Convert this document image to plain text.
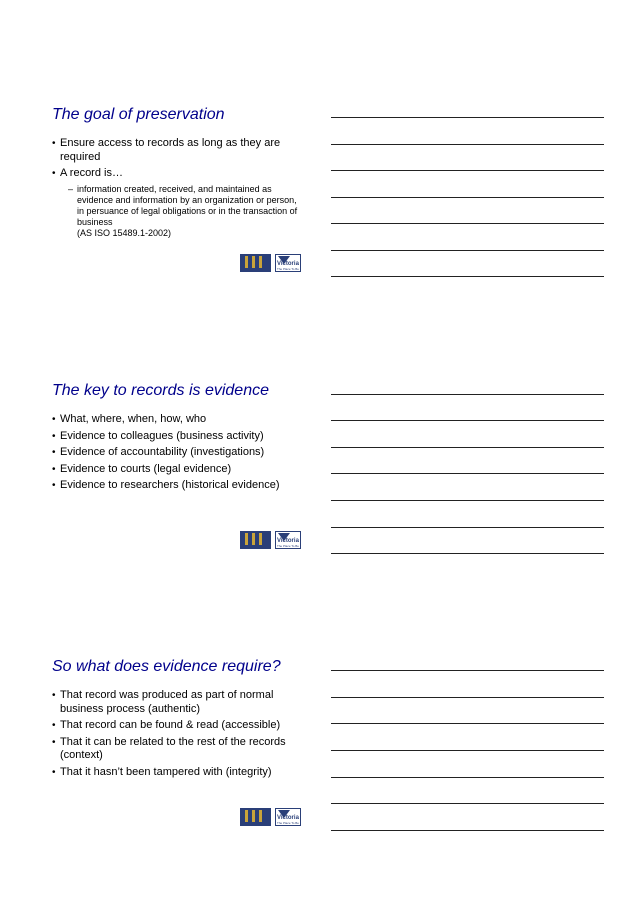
The goal of preservation
• Ensure access to records as long as they are required
• A record is…
– information created, received, and maintained as evidence and information by an organization or person, in persuance of legal obligations or in the transaction of business
(AS ISO 15489.1-2002)
Victoria
The Place To Be
The key to records is evidence
• What, where, when, how, who
• Evidence to colleagues (business activity)
• Evidence of accountability (investigations)
• Evidence to courts (legal evidence)
• Evidence to researchers (historical evidence)
Victoria
The Place To Be
So what does evidence require?
• That record was produced as part of normal business process (authentic)
• That record can be found & read (accessible)
• That it can be related to the rest of the records (context)
• That it hasn’t been tampered with (integrity)
Victoria
The Place To Be
